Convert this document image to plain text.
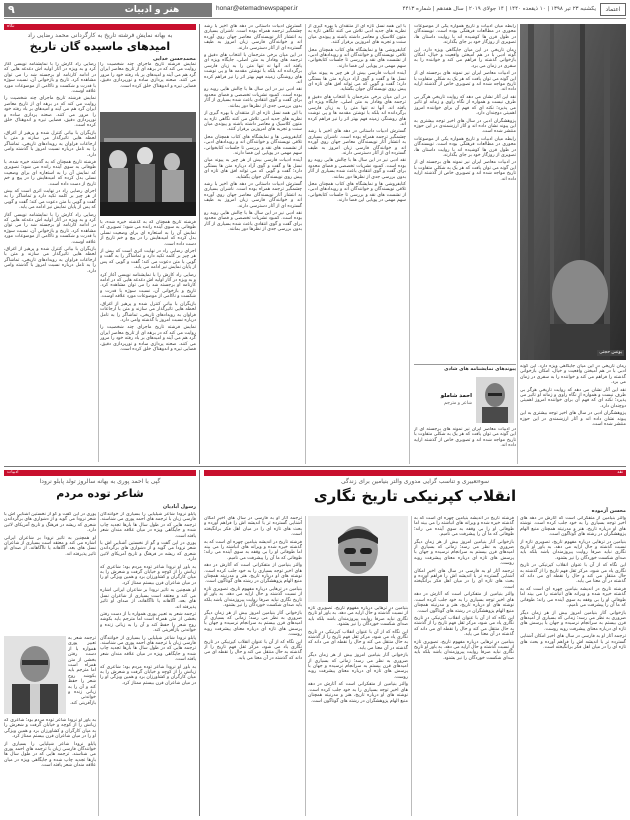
۹	هنر و ادبیات	honar@etemadnewspaper.ir	یکشنبه ۲۳ تیر ۱۳۹۸ | ۱۰ ذیقعده ۱۴۴۰ | ۱۴ جولای ۲۰۱۹ | سال هفدهم | شماره ۴۴۱۳	اعتماد
نگاه
به بهانه نمایش فرشته تاریخ به کارگردانی محمد رضایی راد
امیدهای ماسیده گان تاریخ
محمدحسن خدایی

رضایی راد کارش را با نمایشنامه نویسی آغاز کرد و به ویژه در آثار اولیه اش دغدغه هایی که در ادامه کارنامه او برجسته شد را می توان مشاهده کرد. تاریخ و بازخوانی آن، نسبت سوژه با قدرت و شکست و ناکامی از موضوعات مورد علاقه اوست.

نمایش فرشته تاریخ ماجرای چند شخصیت را روایت می کند که در برهه ای از تاریخ معاصر ایران گرد هم می آیند و امیدهای بر باد رفته خود را مرور می کنند. صحنه پردازی ساده و نورپردازی دقیق، فضایی تیره و اندوهناک خلق کرده است.

بازیگران با بیانی کنترل شده و پرهیز از اغراق، لحظه هایی تاثیرگذار می سازند و متن با ارجاعات فراوان به رویدادهای تاریخی، تماشاگر را به تامل درباره نسبت امروز با گذشته وامی دارد.

فرشته تاریخ همچنان که به گذشته خیره شده، با طوفانی به سوی آینده رانده می شود؛ تصویری که نمایش آن را به استعاره ای برای وضعیت نسلی بدل کرده که امیدهایش را در پیچ و خم تاریخ از دست داده است.

اجرای رضایی راد در نهایت اثری است که بیش از هر چیز بر کلمه تکیه دارد و تماشاگر را به گفت و گویی با متن دعوت می کند؛ گفت و گویی که پس از پایان نمایش نیز ادامه می یابد.

رضایی راد کارش را با نمایشنامه نویسی آغاز کرد و به ویژه در آثار اولیه اش دغدغه هایی که در ادامه کارنامه او برجسته شد را می توان مشاهده کرد. تاریخ و بازخوانی آن، نسبت سوژه با قدرت و شکست و ناکامی از موضوعات مورد علاقه اوست.

بازیگران با بیانی کنترل شده و پرهیز از اغراق، لحظه هایی تاثیرگذار می سازند و متن با ارجاعات فراوان به رویدادهای تاریخی، تماشاگر را به تامل درباره نسبت امروز با گذشته وامی دارد.

نمایش فرشته تاریخ ماجرای چند شخصیت را روایت می کند که در برهه ای از تاریخ معاصر ایران گرد هم می آیند و امیدهای بر باد رفته خود را مرور می کنند. صحنه پردازی ساده و نورپردازی دقیق، فضایی تیره و اندوهناک خلق کرده است.

فرشته تاریخ همچنان که به گذشته خیره شده، با طوفانی به سوی آینده رانده می شود؛ تصویری که نمایش آن را به استعاره ای برای وضعیت نسلی بدل کرده که امیدهایش را در پیچ و خم تاریخ از دست داده است.

اجرای رضایی راد در نهایت اثری است که بیش از هر چیز بر کلمه تکیه دارد و تماشاگر را به گفت و گویی با متن دعوت می کند؛ گفت و گویی که پس از پایان نمایش نیز ادامه می یابد.

رضایی راد کارش را با نمایشنامه نویسی آغاز کرد و به ویژه در آثار اولیه اش دغدغه هایی که در ادامه کارنامه او برجسته شد را می توان مشاهده کرد. تاریخ و بازخوانی آن، نسبت سوژه با قدرت و شکست و ناکامی از موضوعات مورد علاقه اوست.

بازیگران با بیانی کنترل شده و پرهیز از اغراق، لحظه هایی تاثیرگذار می سازند و متن با ارجاعات فراوان به رویدادهای تاریخی، تماشاگر را به تامل درباره نسبت امروز با گذشته وامی دارد.

نمایش فرشته تاریخ ماجرای چند شخصیت را روایت می کند که در برهه ای از تاریخ معاصر ایران گرد هم می آیند و امیدهای بر باد رفته خود را مرور می کنند. صحنه پردازی ساده و نورپردازی دقیق، فضایی تیره و اندوهناک خلق کرده است.

گسترش ادبیات داستانی در دهه های اخیر با رشد چشمگیر ترجمه همراه بوده است. ناشران بسیاری به انتشار آثار نویسندگان معاصر جهان روی آورده اند و خوانندگان فارسی زبان امروز به طیف گسترده ای از آثار دسترسی دارند.

در این میان برخی مترجمان با انتخاب های دقیق و ترجمه های وفادار به متن اصلی، جایگاه ویژه ای یافته اند. آنها نه تنها متن را به زبان فارسی برگردانده اند بلکه با نوشتن مقدمه ها و پی نوشت های روشنگر، زمینه فهم بهتر اثر را نیز فراهم کرده اند.

نقد ادبی نیز در این سال ها با چالش هایی روبه رو بوده است. کمبود نشریات تخصصی و فضای محدود برای گفت و گوی انتقادی باعث شده بسیاری از آثار بدون بررسی جدی از نظرها دور بمانند.

با این همه نسل تازه ای از منتقدان با بهره گیری از نظریه های جدید ادبی تلاش می کنند نگاهی تازه به متون کلاسیک و معاصر داشته باشند و پیوندی میان سنت و تجربه های امروزین برقرار کنند.

کتابفروشی ها و نمایشگاه های کتاب همچنان محل تلاقی نویسندگان و خوانندگان اند و رویدادهای ادبی، از نشست های نقد و بررسی تا جلسات کتابخوانی، سهم مهمی در پویایی این فضا دارند.

آینده ادبیات فارسی بیش از هر چیز به پیوند میان نسل ها و گفت و گوی آزاد درباره متن ها بستگی دارد؛ گفت و گویی که می تواند افق های تازه ای پیش روی نویسندگان جوان بگشاید.

گسترش ادبیات داستانی در دهه های اخیر با رشد چشمگیر ترجمه همراه بوده است. ناشران بسیاری به انتشار آثار نویسندگان معاصر جهان روی آورده اند و خوانندگان فارسی زبان امروز به طیف گسترده ای از آثار دسترسی دارند.

نقد ادبی نیز در این سال ها با چالش هایی روبه رو بوده است. کمبود نشریات تخصصی و فضای محدود برای گفت و گوی انتقادی باعث شده بسیاری از آثار بدون بررسی جدی از نظرها دور بمانند.

با این همه نسل تازه ای از منتقدان با بهره گیری از نظریه های جدید ادبی تلاش می کنند نگاهی تازه به متون کلاسیک و معاصر داشته باشند و پیوندی میان سنت و تجربه های امروزین برقرار کنند.

کتابفروشی ها و نمایشگاه های کتاب همچنان محل تلاقی نویسندگان و خوانندگان اند و رویدادهای ادبی، از نشست های نقد و بررسی تا جلسات کتابخوانی، سهم مهمی در پویایی این فضا دارند.

آینده ادبیات فارسی بیش از هر چیز به پیوند میان نسل ها و گفت و گوی آزاد درباره متن ها بستگی دارد؛ گفت و گویی که می تواند افق های تازه ای پیش روی نویسندگان جوان بگشاید.

در این میان برخی مترجمان با انتخاب های دقیق و ترجمه های وفادار به متن اصلی، جایگاه ویژه ای یافته اند. آنها نه تنها متن را به زبان فارسی برگردانده اند بلکه با نوشتن مقدمه ها و پی نوشت های روشنگر، زمینه فهم بهتر اثر را نیز فراهم کرده اند.

گسترش ادبیات داستانی در دهه های اخیر با رشد چشمگیر ترجمه همراه بوده است. ناشران بسیاری به انتشار آثار نویسندگان معاصر جهان روی آورده اند و خوانندگان فارسی زبان امروز به طیف گسترده ای از آثار دسترسی دارند.

نقد ادبی نیز در این سال ها با چالش هایی روبه رو بوده است. کمبود نشریات تخصصی و فضای محدود برای گفت و گوی انتقادی باعث شده بسیاری از آثار بدون بررسی جدی از نظرها دور بمانند.

کتابفروشی ها و نمایشگاه های کتاب همچنان محل تلاقی نویسندگان و خوانندگان اند و رویدادهای ادبی، از نشست های نقد و بررسی تا جلسات کتابخوانی، سهم مهمی در پویایی این فضا دارند.

یونس حجتی

رابطه میان ادبیات و تاریخ همواره یکی از موضوعات محوری در مطالعات فرهنگی بوده است. نویسندگان در طول قرن ها کوشیده اند با روایت داستان ها، تصویری از روزگار خود بر جای بگذارند.

رمان تاریخی در این میان جایگاهی ویژه دارد. این گونه ادبی با در هم آمیختن واقعیت و خیال، امکان بازخوانی گذشته را فراهم می کند و خواننده را به سفری در زمان می برد.

در ادبیات معاصر ایران نیز نمونه های برجسته ای از این گونه می توان یافت که هر یک به شکلی متفاوت با تاریخ مواجه شده اند و تصویری خاص از گذشته ارایه داده اند.

نقد این آثار نشان می دهد که روایت تاریخی هرگز بی طرف نیست و همواره از نگاه راوی و زمانه او تاثیر می پذیرد؛ نکته ای که فهم آن برای خواننده امروز اهمیتی دوچندان دارد.

پژوهشگران ادبی در سال های اخیر توجه بیشتری به این پیوند نشان داده اند و آثار ارزشمندی در این حوزه منتشر شده است.

رابطه میان ادبیات و تاریخ همواره یکی از موضوعات محوری در مطالعات فرهنگی بوده است. نویسندگان در طول قرن ها کوشیده اند با روایت داستان ها، تصویری از روزگار خود بر جای بگذارند.

در ادبیات معاصر ایران نیز نمونه های برجسته ای از این گونه می توان یافت که هر یک به شکلی متفاوت با تاریخ مواجه شده اند و تصویری خاص از گذشته ارایه داده اند.

رمان تاریخی در این میان جایگاهی ویژه دارد. این گونه ادبی با در هم آمیختن واقعیت و خیال، امکان بازخوانی گذشته را فراهم می کند و خواننده را به سفری در زمان می برد.

نقد این آثار نشان می دهد که روایت تاریخی هرگز بی طرف نیست و همواره از نگاه راوی و زمانه او تاثیر می پذیرد؛ نکته ای که فهم آن برای خواننده امروز اهمیتی دوچندان دارد.

پژوهشگران ادبی در سال های اخیر توجه بیشتری به این پیوند نشان داده اند و آثار ارزشمندی در این حوزه منتشر شده است.

پیوندهای نمایشنامه های شادی
احمد شاملو
شاعر و مترجم

در ادبیات معاصر ایران نیز نمونه های برجسته ای از این گونه می توان یافت که هر یک به شکلی متفاوت با تاریخ مواجه شده اند و تصویری خاص از گذشته ارایه داده اند.

ادبیات
گپی با احمد پوری به بهانه سالروز تولد پابلو نرودا
شاعر توده مردم
رسول آبادیان

پابلو نرودا شاعر شیلیایی را بسیاری از خوانندگان فارسی زبان با ترجمه های احمد پوری می شناسند. ترجمه هایی که در طول سال ها بارها تجدید چاپ شده و جایگاهی ویژه در میان علاقه مندان شعر یافته است.

پوری در این گفت و گو از نخستین آشنایی اش با شعر نرودا می گوید و از دشواری های برگرداندن شعری که ریشه در فرهنگ و تاریخ آمریکای لاتین دارد.

به باور او نرودا شاعر توده مردم بود؛ شاعری که زبانش را از کوچه و خیابان گرفت و شعرش را به میان کارگران و کشاورزان برد و همین ویژگی او را در میان شاعران قرن بیستم ممتاز کرد.

او همچنین به تاثیر نرودا بر شاعران ایرانی اشاره می کند و معتقد است بسیاری از شاعران نسل های بعد، آگاهانه یا ناآگاهانه، از صدای او تاثیر پذیرفته اند.

ترجمه شعر به تعبیر پوری همواره با از دست رفتن بخشی از متن همراه است اما مترجم باید بکوشد روح شعر را حفظ کند و آن را به زبانی زنده و خواندنی بازآفرینی کند.

پابلو نرودا شاعر شیلیایی را بسیاری از خوانندگان فارسی زبان با ترجمه های احمد پوری می شناسند. ترجمه هایی که در طول سال ها بارها تجدید چاپ شده و جایگاهی ویژه در میان علاقه مندان شعر یافته است.

به باور او نرودا شاعر توده مردم بود؛ شاعری که زبانش را از کوچه و خیابان گرفت و شعرش را به میان کارگران و کشاورزان برد و همین ویژگی او را در میان شاعران قرن بیستم ممتاز کرد.

پوری در این گفت و گو از نخستین آشنایی اش با شعر نرودا می گوید و از دشواری های برگرداندن شعری که ریشه در فرهنگ و تاریخ آمریکای لاتین دارد.

او همچنین به تاثیر نرودا بر شاعران ایرانی اشاره می کند و معتقد است بسیاری از شاعران نسل های بعد، آگاهانه یا ناآگاهانه، از صدای او تاثیر پذیرفته اند.

ترجمه شعر به تعبیر پوری همواره با از دست رفتن بخشی از متن همراه است اما مترجم باید بکوشد روح شعر را حفظ کند و آن را به زبانی زنده و خواندنی بازآفرینی کند.

به باور او نرودا شاعر توده مردم بود؛ شاعری که زبانش را از کوچه و خیابان گرفت و شعرش را به میان کارگران و کشاورزان برد و همین ویژگی او را در میان شاعران قرن بیستم ممتاز کرد.

پابلو نرودا شاعر شیلیایی را بسیاری از خوانندگان فارسی زبان با ترجمه های احمد پوری می شناسند. ترجمه هایی که در طول سال ها بارها تجدید چاپ شده و جایگاهی ویژه در میان علاقه مندان شعر یافته است.

نقد
سوءتعبیری و تناسب گرایی مدوری والتر بنیامین برای زندگی
انقلاب کپرنیکی تاریخ نگاری
محسن آزموده

والتر بنیامین از متفکرانی است که آثارش در دهه های اخیر توجه بسیاری را به خود جلب کرده است. نوشته های او درباره تاریخ، هنر و مدرنیته همچنان منبع الهام پژوهشگران در رشته های گوناگون است.

بنیامین در تزهایی درباره مفهوم تاریخ، تصویری تازه از نسبت گذشته و حال ارایه می دهد. به باور او تاریخ نگاری نباید صرفا روایت پیروزمندان باشد بلکه باید صدای شکست خوردگان را نیز بشنود.

این نگاه که از آن با عنوان انقلاب کپرنیکی در تاریخ نگاری یاد می شود، مرکز ثقل فهم تاریخ را از گذشته به حال منتقل می کند و حال را نقطه ای می داند که گذشته در آن معنا می یابد.

فرشته تاریخ در اندیشه بنیامین چهره ای است که به گذشته خیره شده و ویرانه های انباشته را می بیند اما طوفانی او را بی وقفه به سوی آینده می راند؛ طوفانی که ما آن را پیشرفت می نامیم.

بازخوانی آثار بنیامین امروز بیش از هر زمان دیگر ضروری به نظر می رسد؛ زمانی که بسیاری از امیدهای قرن بیستم به سرانجام نرسیده و جهان با پرسش های تازه ای درباره معنای پیشرفت روبه روست.

ترجمه آثار او به فارسی در سال های اخیر امکان آشنایی گسترده تر با اندیشه اش را فراهم آورده و بحث های تازه ای را در میان اهل فکر برانگیخته است.

فرشته تاریخ در اندیشه بنیامین چهره ای است که به گذشته خیره شده و ویرانه های انباشته را می بیند اما طوفانی او را بی وقفه به سوی آینده می راند؛ طوفانی که ما آن را پیشرفت می نامیم.

بازخوانی آثار بنیامین امروز بیش از هر زمان دیگر ضروری به نظر می رسد؛ زمانی که بسیاری از امیدهای قرن بیستم به سرانجام نرسیده و جهان با پرسش های تازه ای درباره معنای پیشرفت روبه روست.

ترجمه آثار او به فارسی در سال های اخیر امکان آشنایی گسترده تر با اندیشه اش را فراهم آورده و بحث های تازه ای را در میان اهل فکر برانگیخته است.

والتر بنیامین از متفکرانی است که آثارش در دهه های اخیر توجه بسیاری را به خود جلب کرده است. نوشته های او درباره تاریخ، هنر و مدرنیته همچنان منبع الهام پژوهشگران در رشته های گوناگون است.

این نگاه که از آن با عنوان انقلاب کپرنیکی در تاریخ نگاری یاد می شود، مرکز ثقل فهم تاریخ را از گذشته به حال منتقل می کند و حال را نقطه ای می داند که گذشته در آن معنا می یابد.

بنیامین در تزهایی درباره مفهوم تاریخ، تصویری تازه از نسبت گذشته و حال ارایه می دهد. به باور او تاریخ نگاری نباید صرفا روایت پیروزمندان باشد بلکه باید صدای شکست خوردگان را نیز بشنود.

بنیامین در تزهایی درباره مفهوم تاریخ، تصویری تازه از نسبت گذشته و حال ارایه می دهد. به باور او تاریخ نگاری نباید صرفا روایت پیروزمندان باشد بلکه باید صدای شکست خوردگان را نیز بشنود.

این نگاه که از آن با عنوان انقلاب کپرنیکی در تاریخ نگاری یاد می شود، مرکز ثقل فهم تاریخ را از گذشته به حال منتقل می کند و حال را نقطه ای می داند که گذشته در آن معنا می یابد.

بازخوانی آثار بنیامین امروز بیش از هر زمان دیگر ضروری به نظر می رسد؛ زمانی که بسیاری از امیدهای قرن بیستم به سرانجام نرسیده و جهان با پرسش های تازه ای درباره معنای پیشرفت روبه روست.

والتر بنیامین از متفکرانی است که آثارش در دهه های اخیر توجه بسیاری را به خود جلب کرده است. نوشته های او درباره تاریخ، هنر و مدرنیته همچنان منبع الهام پژوهشگران در رشته های گوناگون است.

ترجمه آثار او به فارسی در سال های اخیر امکان آشنایی گسترده تر با اندیشه اش را فراهم آورده و بحث های تازه ای را در میان اهل فکر برانگیخته است.

فرشته تاریخ در اندیشه بنیامین چهره ای است که به گذشته خیره شده و ویرانه های انباشته را می بیند اما طوفانی او را بی وقفه به سوی آینده می راند؛ طوفانی که ما آن را پیشرفت می نامیم.

والتر بنیامین از متفکرانی است که آثارش در دهه های اخیر توجه بسیاری را به خود جلب کرده است. نوشته های او درباره تاریخ، هنر و مدرنیته همچنان منبع الهام پژوهشگران در رشته های گوناگون است.

بنیامین در تزهایی درباره مفهوم تاریخ، تصویری تازه از نسبت گذشته و حال ارایه می دهد. به باور او تاریخ نگاری نباید صرفا روایت پیروزمندان باشد بلکه باید صدای شکست خوردگان را نیز بشنود.

بازخوانی آثار بنیامین امروز بیش از هر زمان دیگر ضروری به نظر می رسد؛ زمانی که بسیاری از امیدهای قرن بیستم به سرانجام نرسیده و جهان با پرسش های تازه ای درباره معنای پیشرفت روبه روست.

این نگاه که از آن با عنوان انقلاب کپرنیکی در تاریخ نگاری یاد می شود، مرکز ثقل فهم تاریخ را از گذشته به حال منتقل می کند و حال را نقطه ای می داند که گذشته در آن معنا می یابد.
